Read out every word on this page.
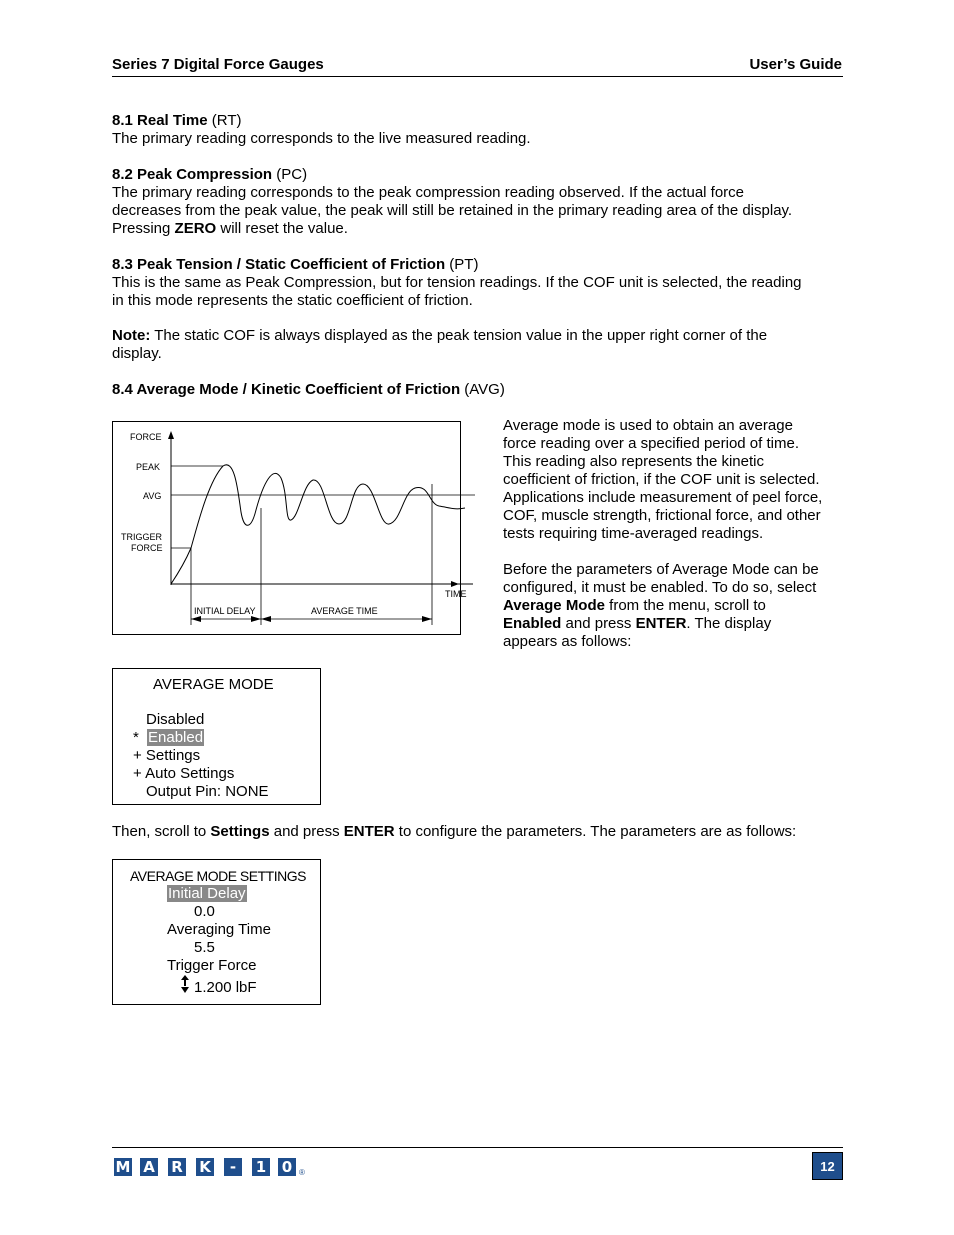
Series 7 Digital Force Gauges	User’s Guide
8.1 Real Time (RT)
The primary reading corresponds to the live measured reading.
8.2 Peak Compression (PC)
The primary reading corresponds to the peak compression reading observed. If the actual force
decreases from the peak value, the peak will still be retained in the primary reading area of the display.
Pressing ZERO will reset the value.
8.3 Peak Tension / Static Coefficient of Friction (PT)
This is the same as Peak Compression, but for tension readings. If the COF unit is selected, the reading
in this mode represents the static coefficient of friction.
Note: The static COF is always displayed as the peak tension value in the upper right corner of the
display.
8.4 Average Mode / Kinetic Coefficient of Friction (AVG)
FORCE
PEAK
AVG
TRIGGER
FORCE
TIME
INITIAL DELAY	AVERAGE TIME
Average mode is used to obtain an average
force reading over a specified period of time.
This reading also represents the kinetic
coefficient of friction, if the COF unit is selected.
Applications include measurement of peel force,
COF, muscle strength, frictional force, and other
tests requiring time-averaged readings.
Before the parameters of Average Mode can be
configured, it must be enabled. To do so, select
Average Mode from the menu, scroll to
Enabled and press ENTER. The display
appears as follows:
AVERAGE MODE
Disabled
* Enabled
+ Settings
+ Auto Settings
Output Pin: NONE
Then, scroll to Settings and press ENTER to configure the parameters. The parameters are as follows:
AVERAGE MODE SETTINGS
Initial Delay
0.0
Averaging Time
5.5
Trigger Force
1.200 lbF
M A R K	-	1 0 ®	12
